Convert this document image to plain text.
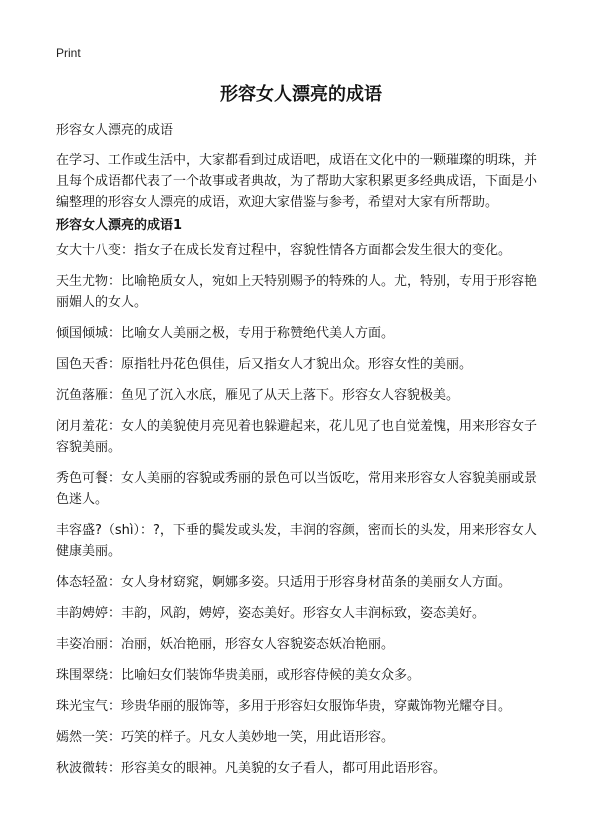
Print
形容女人漂亮的成语

形容女人漂亮的成语

在学习、工作或生活中，大家都看到过成语吧，成语在文化中的一颗璀璨的明珠，并且每个成语都代表了一个故事或者典故，为了帮助大家积累更多经典成语，下面是小编整理的形容女人漂亮的成语，欢迎大家借鉴与参考，希望对大家有所帮助。

形容女人漂亮的成语1
女大十八变：指女子在成长发育过程中，容貌性情各方面都会发生很大的变化。
天生尤物：比喻艳质女人，宛如上天特别赐予的特殊的人。尤，特别，专用于形容艳丽媚人的女人。
倾国倾城：比喻女人美丽之极，专用于称赞绝代美人方面。
国色天香：原指牡丹花色俱佳，后又指女人才貌出众。形容女性的美丽。
沉鱼落雁：鱼见了沉入水底，雁见了从天上落下。形容女人容貌极美。
闭月羞花：女人的美貌使月亮见着也躲避起来，花儿见了也自觉羞愧，用来形容女子容貌美丽。
秀色可餐：女人美丽的容貌或秀丽的景色可以当饭吃，常用来形容女人容貌美丽或景色迷人。
丰容盛?（shì）：?，下垂的鬓发或头发，丰润的容颜，密而长的头发，用来形容女人健康美丽。
体态轻盈：女人身材窈窕，婀娜多姿。只适用于形容身材苗条的美丽女人方面。
丰韵娉婷：丰韵，风韵，娉婷，姿态美好。形容女人丰润标致，姿态美好。
丰姿冶丽：冶丽，妖冶艳丽，形容女人容貌姿态妖冶艳丽。
珠围翠绕：比喻妇女们装饰华贵美丽，或形容侍候的美女众多。
珠光宝气：珍贵华丽的服饰等，多用于形容妇女服饰华贵，穿戴饰物光耀夺目。
嫣然一笑：巧笑的样子。凡女人美妙地一笑，用此语形容。
秋波微转：形容美女的眼神。凡美貌的女子看人，都可用此语形容。
